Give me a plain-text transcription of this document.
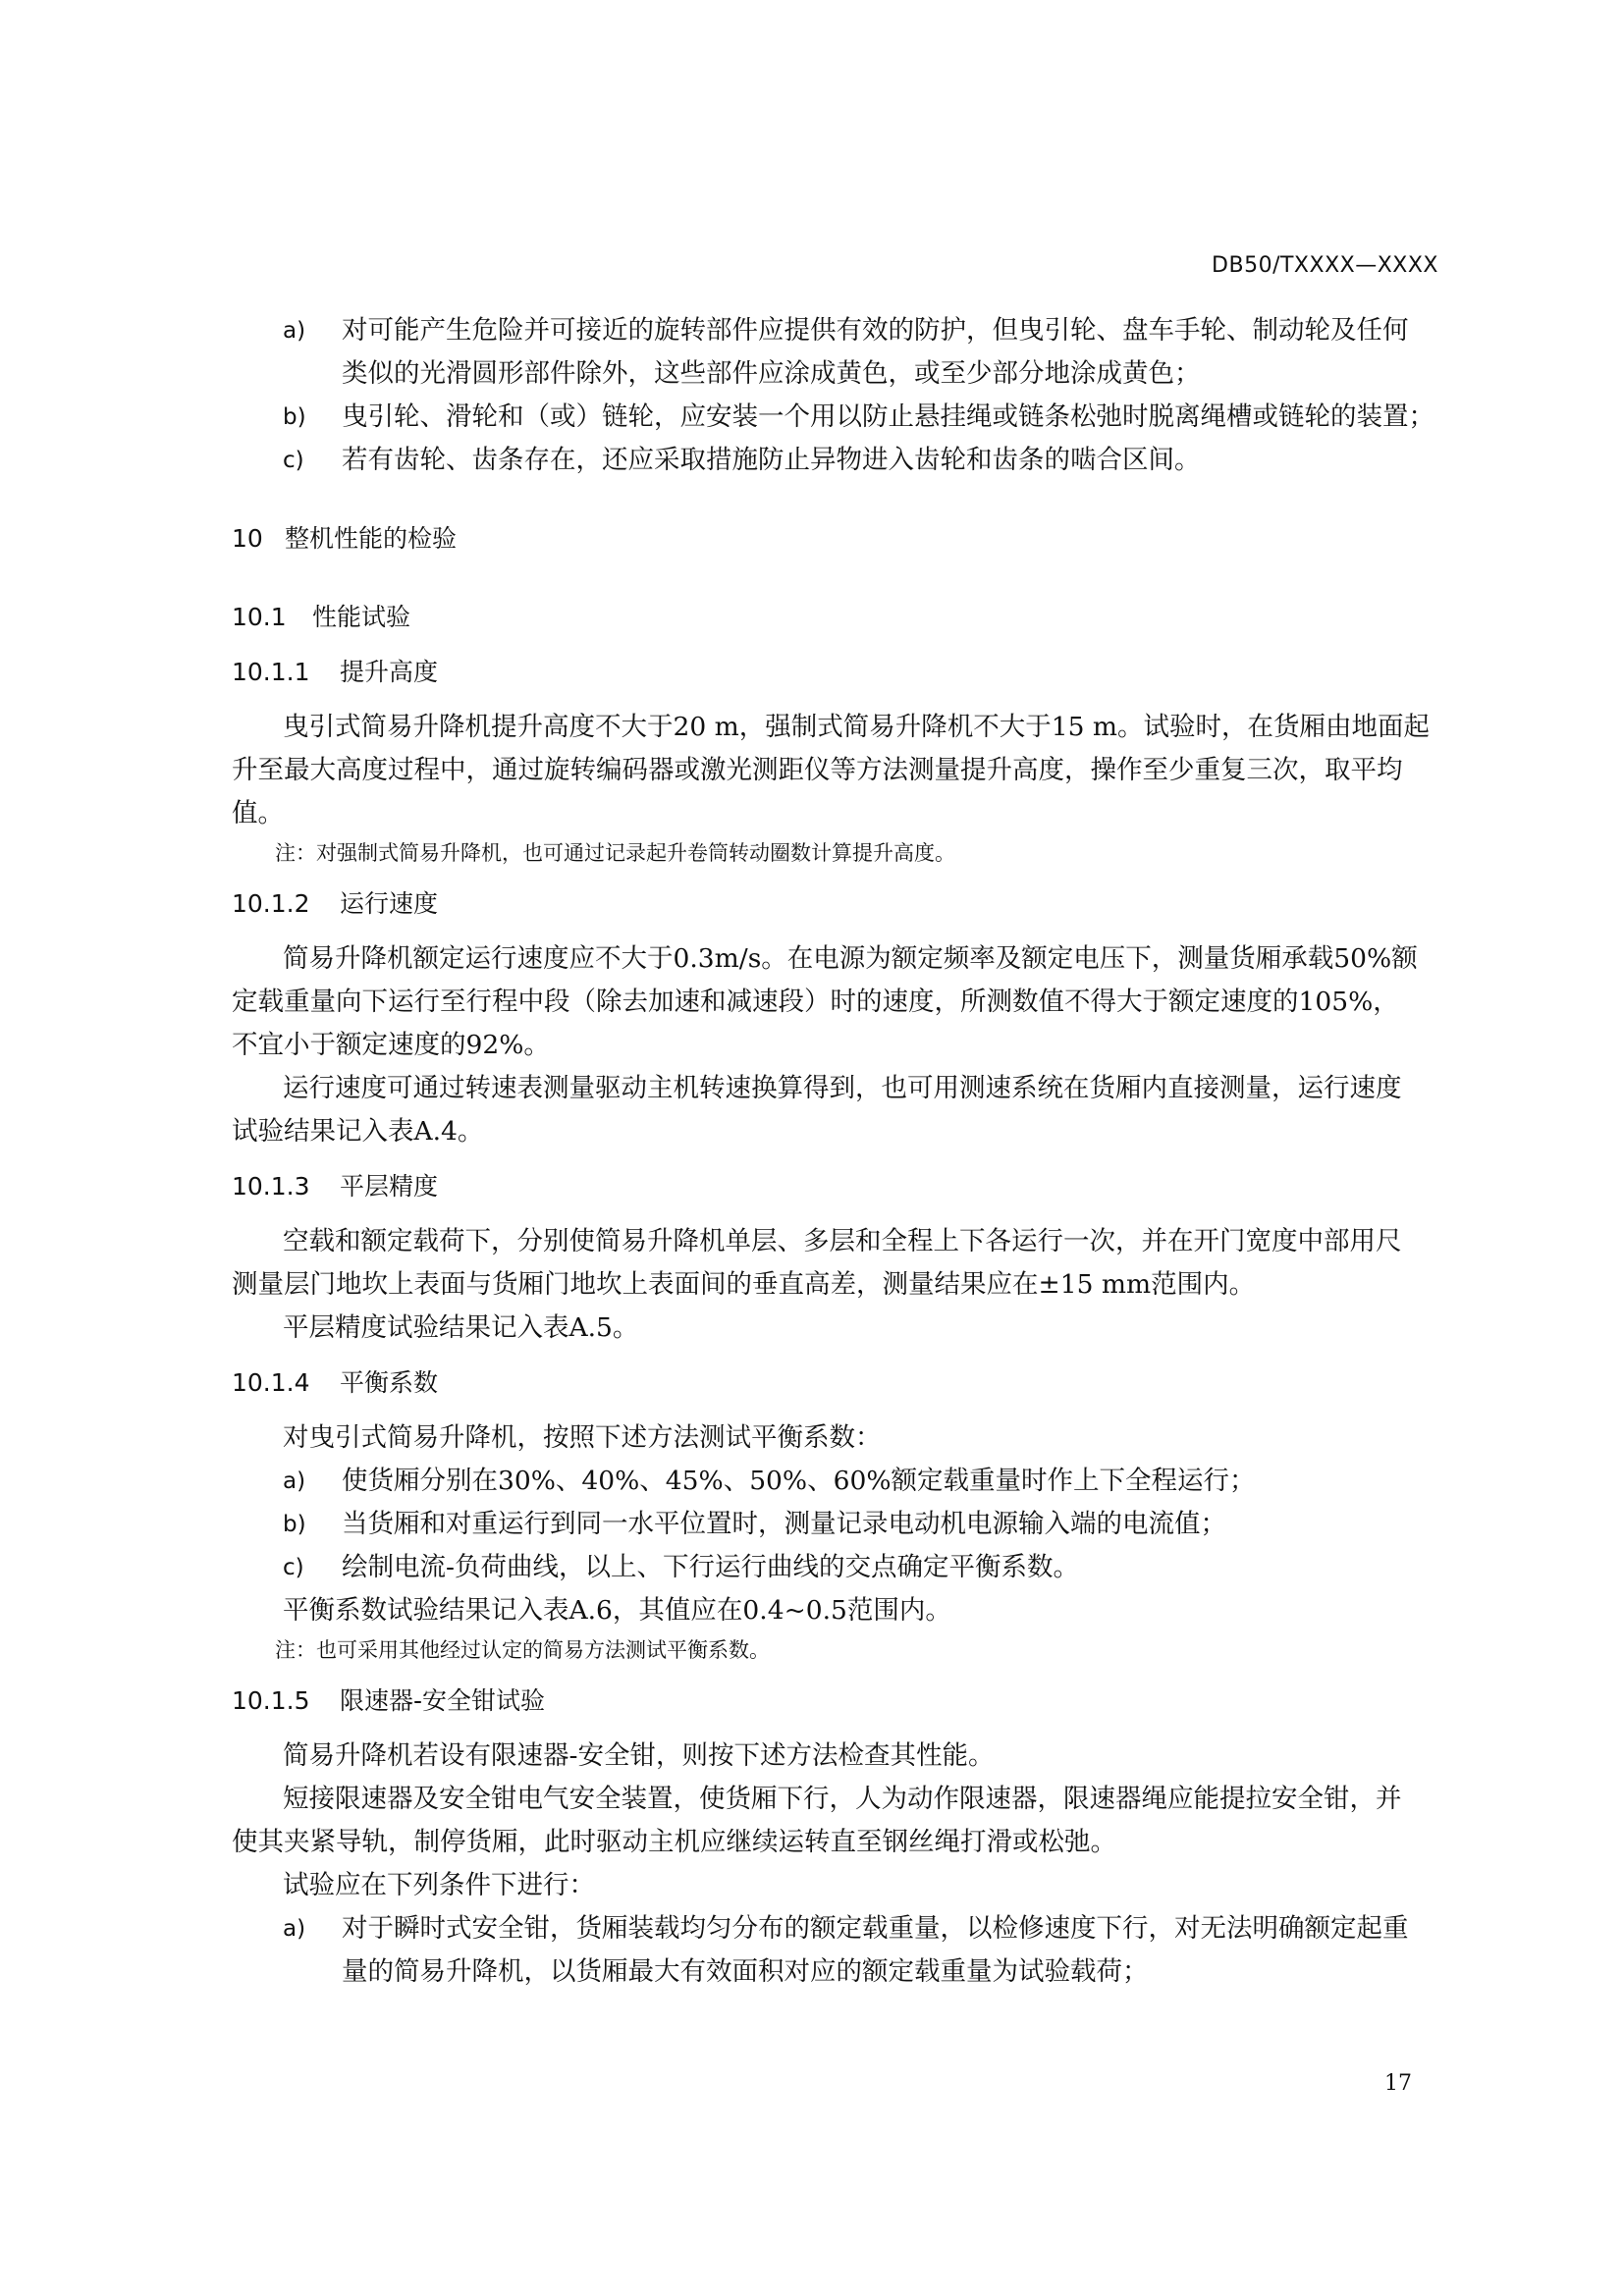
DB50/TXXXX—XXXX
a) 对可能产生危险并可接近的旋转部件应提供有效的防护，但曳引轮、盘车手轮、制动轮及任何
类似的光滑圆形部件除外，这些部件应涂成黄色，或至少部分地涂成黄色；
b) 曳引轮、滑轮和（或）链轮，应安装一个用以防止悬挂绳或链条松弛时脱离绳槽或链轮的装置；
c) 若有齿轮、齿条存在，还应采取措施防止异物进入齿轮和齿条的啮合区间。
10 整机性能的检验
10.1 性能试验
10.1.1 提升高度
曳引式简易升降机提升高度不大于20 m，强制式简易升降机不大于15 m。试验时，在货厢由地面起
升至最大高度过程中，通过旋转编码器或激光测距仪等方法测量提升高度，操作至少重复三次，取平均
值。
注：对强制式简易升降机，也可通过记录起升卷筒转动圈数计算提升高度。
10.1.2 运行速度
简易升降机额定运行速度应不大于0.3m/s。在电源为额定频率及额定电压下，测量货厢承载50%额
定载重量向下运行至行程中段（除去加速和减速段）时的速度，所测数值不得大于额定速度的105%，
不宜小于额定速度的92%。
运行速度可通过转速表测量驱动主机转速换算得到，也可用测速系统在货厢内直接测量，运行速度
试验结果记入表A.4。
10.1.3 平层精度
空载和额定载荷下，分别使简易升降机单层、多层和全程上下各运行一次，并在开门宽度中部用尺
测量层门地坎上表面与货厢门地坎上表面间的垂直高差，测量结果应在±15 mm范围内。
平层精度试验结果记入表A.5。
10.1.4 平衡系数
对曳引式简易升降机，按照下述方法测试平衡系数：
a) 使货厢分别在30%、40%、45%、50%、60%额定载重量时作上下全程运行；
b) 当货厢和对重运行到同一水平位置时，测量记录电动机电源输入端的电流值；
c) 绘制电流-负荷曲线，以上、下行运行曲线的交点确定平衡系数。
平衡系数试验结果记入表A.6，其值应在0.4~0.5范围内。
注：也可采用其他经过认定的简易方法测试平衡系数。
10.1.5 限速器-安全钳试验
简易升降机若设有限速器-安全钳，则按下述方法检查其性能。
短接限速器及安全钳电气安全装置，使货厢下行，人为动作限速器，限速器绳应能提拉安全钳，并
使其夹紧导轨，制停货厢，此时驱动主机应继续运转直至钢丝绳打滑或松弛。
试验应在下列条件下进行：
a) 对于瞬时式安全钳，货厢装载均匀分布的额定载重量，以检修速度下行，对无法明确额定起重
量的简易升降机，以货厢最大有效面积对应的额定载重量为试验载荷；
17
